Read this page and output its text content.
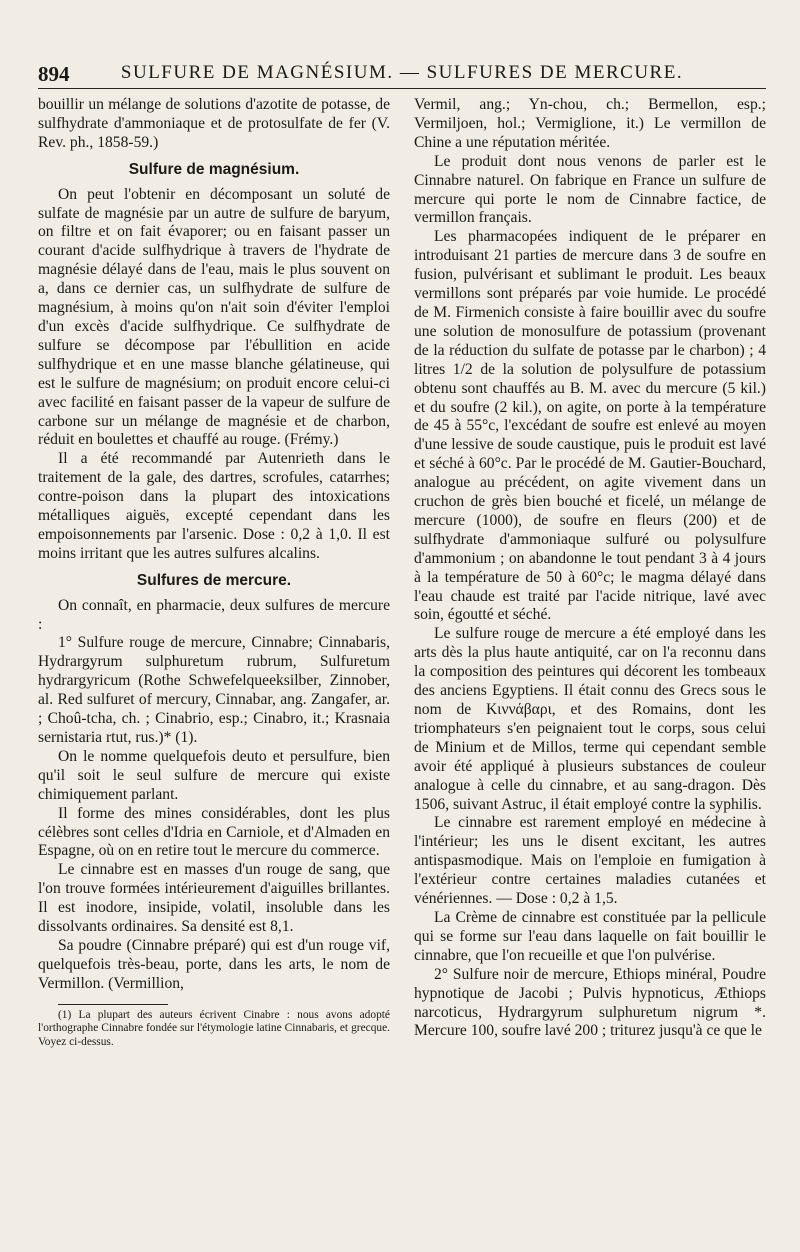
894	SULFURE DE MAGNÉSIUM. — SULFURES DE MERCURE.

bouillir un mélange de solutions d'azotite de potasse, de sulfhydrate d'ammoniaque et de protosulfate de fer (V. Rev. ph., 1858-59.)

Sulfure de magnésium.

On peut l'obtenir en décomposant un soluté de sulfate de magnésie par un autre de sulfure de baryum, on filtre et on fait évaporer; ou en faisant passer un courant d'acide sulfhydrique à travers de l'hydrate de magnésie délayé dans de l'eau, mais le plus souvent on a, dans ce dernier cas, un sulfhydrate de sulfure de magnésium, à moins qu'on n'ait soin d'éviter l'emploi d'un excès d'acide sulfhydrique. Ce sulfhydrate de sulfure se décompose par l'ébullition en acide sulfhydrique et en une masse blanche gélatineuse, qui est le sulfure de magnésium; on produit encore celui-ci avec facilité en faisant passer de la vapeur de sulfure de carbone sur un mélange de magnésie et de charbon, réduit en boulettes et chauffé au rouge. (Frémy.)

Il a été recommandé par Autenrieth dans le traitement de la gale, des dartres, scrofules, catarrhes; contre-poison dans la plupart des intoxications métalliques aiguës, excepté cependant dans les empoisonnements par l'arsenic. Dose : 0,2 à 1,0. Il est moins irritant que les autres sulfures alcalins.

Sulfures de mercure.

On connaît, en pharmacie, deux sulfures de mercure :

1° Sulfure rouge de mercure, Cinnabre; Cinnabaris, Hydrargyrum sulphuretum rubrum, Sulfuretum hydrargyricum (Rothe Schwefelqueeksilber, Zinnober, al. Red sulfuret of mercury, Cinnabar, ang. Zangafer, ar. ; Choû-tcha, ch. ; Cinabrio, esp.; Cinabro, it.; Krasnaia sernistaria rtut, rus.)* (1).

On le nomme quelquefois deuto et persulfure, bien qu'il soit le seul sulfure de mercure qui existe chimiquement parlant.

Il forme des mines considérables, dont les plus célèbres sont celles d'Idria en Carniole, et d'Almaden en Espagne, où on en retire tout le mercure du commerce.

Le cinnabre est en masses d'un rouge de sang, que l'on trouve formées intérieurement d'aiguilles brillantes. Il est inodore, insipide, volatil, insoluble dans les dissolvants ordinaires. Sa densité est 8,1.

Sa poudre (Cinnabre préparé) qui est d'un rouge vif, quelquefois très-beau, porte, dans les arts, le nom de Vermillon. (Vermillion,

(1) La plupart des auteurs écrivent Cinabre : nous avons adopté l'orthographe Cinnabre fondée sur l'étymologie latine Cinnabaris, et grecque. Voyez ci-dessus.

Vermil, ang.; Yn-chou, ch.; Bermellon, esp.; Vermiljoen, hol.; Vermiglione, it.) Le vermillon de Chine a une réputation méritée.

Le produit dont nous venons de parler est le Cinnabre naturel. On fabrique en France un sulfure de mercure qui porte le nom de Cinnabre factice, de vermillon français.

Les pharmacopées indiquent de le préparer en introduisant 21 parties de mercure dans 3 de soufre en fusion, pulvérisant et sublimant le produit. Les beaux vermillons sont préparés par voie humide. Le procédé de M. Firmenich consiste à faire bouillir avec du soufre une solution de monosulfure de potassium (provenant de la réduction du sulfate de potasse par le charbon) ; 4 litres 1/2 de la solution de polysulfure de potassium obtenu sont chauffés au B. M. avec du mercure (5 kil.) et du soufre (2 kil.), on agite, on porte à la température de 45 à 55°c, l'excédant de soufre est enlevé au moyen d'une lessive de soude caustique, puis le produit est lavé et séché à 60°c. Par le procédé de M. Gautier-Bouchard, analogue au précédent, on agite vivement dans un cruchon de grès bien bouché et ficelé, un mélange de mercure (1000), de soufre en fleurs (200) et de sulfhydrate d'ammoniaque sulfuré ou polysulfure d'ammonium ; on abandonne le tout pendant 3 à 4 jours à la température de 50 à 60°c; le magma délayé dans l'eau chaude est traité par l'acide nitrique, lavé avec soin, égoutté et séché.

Le sulfure rouge de mercure a été employé dans les arts dès la plus haute antiquité, car on l'a reconnu dans la composition des peintures qui décorent les tombeaux des anciens Egyptiens. Il était connu des Grecs sous le nom de Κιννάβαρι, et des Romains, dont les triomphateurs s'en peignaient tout le corps, sous celui de Minium et de Millos, terme qui cependant semble avoir été appliqué à plusieurs substances de couleur analogue à celle du cinnabre, et au sang-dragon. Dès 1506, suivant Astruc, il était employé contre la syphilis.

Le cinnabre est rarement employé en médecine à l'intérieur; les uns le disent excitant, les autres antispasmodique. Mais on l'emploie en fumigation à l'extérieur contre certaines maladies cutanées et vénériennes. — Dose : 0,2 à 1,5.

La Crème de cinnabre est constituée par la pellicule qui se forme sur l'eau dans laquelle on fait bouillir le cinnabre, que l'on recueille et que l'on pulvérise.

2° Sulfure noir de mercure, Ethiops minéral, Poudre hypnotique de Jacobi ; Pulvis hypnoticus, Æthiops narcoticus, Hydrargyrum sulphuretum nigrum *. Mercure 100, soufre lavé 200 ; triturez jusqu'à ce que le
